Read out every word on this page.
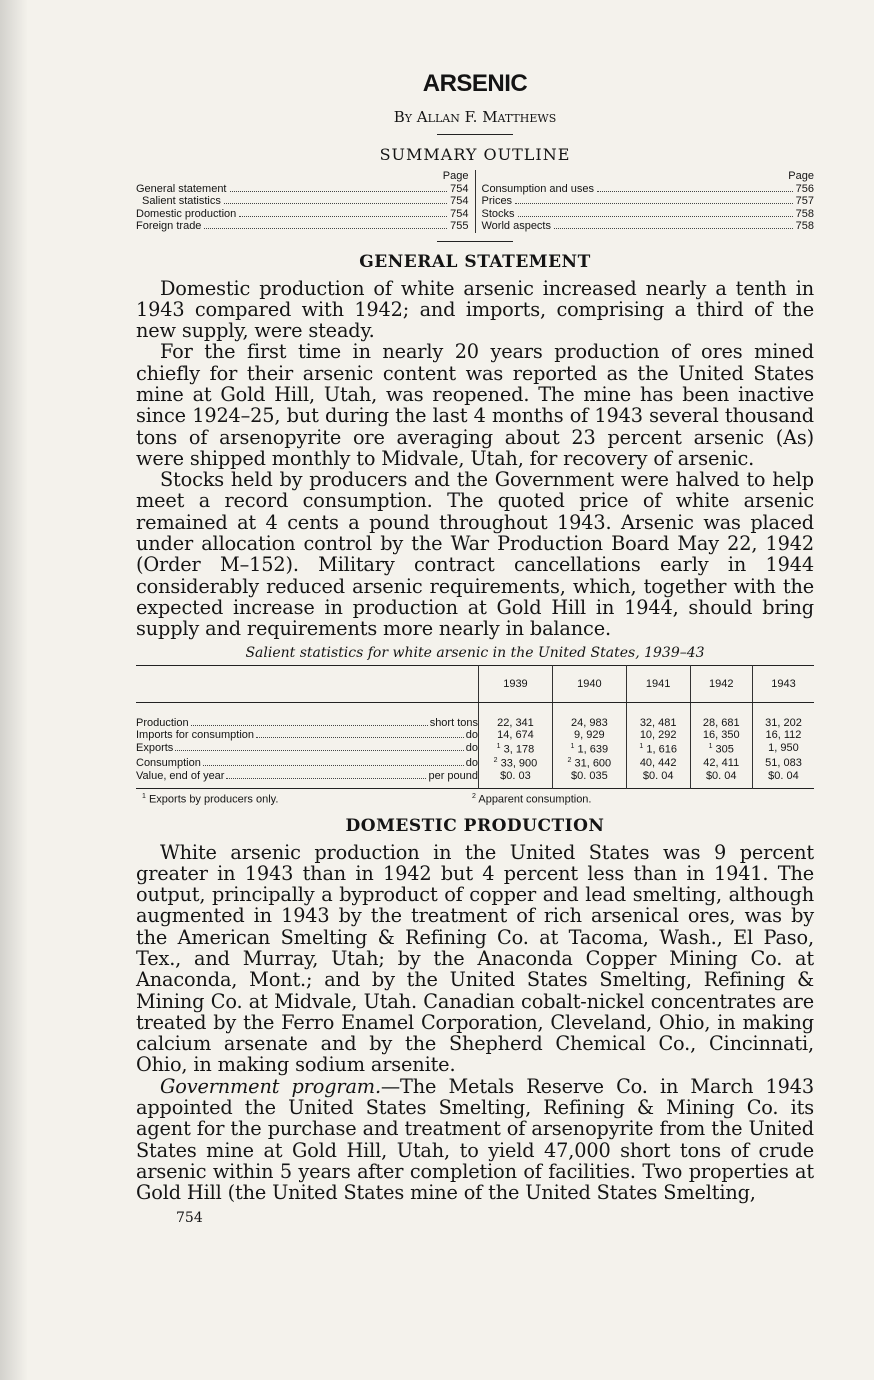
ARSENIC
By Allan F. Matthews
SUMMARY OUTLINE
Page
General statement	754
Salient statistics	754
Domestic production	754
Foreign trade	755
Page
Consumption and uses	756
Prices	757
Stocks	758
World aspects	758
GENERAL STATEMENT

Domestic production of white arsenic increased nearly a tenth in 1943 compared with 1942; and imports, comprising a third of the new supply, were steady.

For the first time in nearly 20 years production of ores mined chiefly for their arsenic content was reported as the United States mine at Gold Hill, Utah, was reopened. The mine has been inactive since 1924–25, but during the last 4 months of 1943 several thousand tons of arsenopyrite ore averaging about 23 percent arsenic (As) were shipped monthly to Midvale, Utah, for recovery of arsenic.

Stocks held by producers and the Government were halved to help meet a record consumption. The quoted price of white arsenic remained at 4 cents a pound throughout 1943. Arsenic was placed under allocation control by the War Production Board May 22, 1942 (Order M–152). Military contract cancellations early in 1944 considerably reduced arsenic requirements, which, together with the expected increase in production at Gold Hill in 1944, should bring supply and requirements more nearly in balance.

Salient statistics for white arsenic in the United States, 1939–43
	1939	1940	1941	1942	1943

Production short tons	22, 341	24, 983	32, 481	28, 681	31, 202

Imports for consumption do	14, 674	9, 929	10, 292	16, 350	16, 112

Exports do	$^1$ 3, 178	$^1$ 1, 639	$^1$ 1, 616	$^1$ 305	1, 950

Consumption do	$^2$ 33, 900	$^2$ 31, 600	40, 442	42, 411	51, 083

Value, end of year per pound	$0. 03	$0. 035	$0. 04	$0. 04	$0. 04
$^1$ Exports by producers only.	$^2$ Apparent consumption.
DOMESTIC PRODUCTION

White arsenic production in the United States was 9 percent greater in 1943 than in 1942 but 4 percent less than in 1941. The output, principally a byproduct of copper and lead smelting, although augmented in 1943 by the treatment of rich arsenical ores, was by the American Smelting & Refining Co. at Tacoma, Wash., El Paso, Tex., and Murray, Utah; by the Anaconda Copper Mining Co. at Anaconda, Mont.; and by the United States Smelting, Refining & Mining Co. at Midvale, Utah. Canadian cobalt-nickel concentrates are treated by the Ferro Enamel Corporation, Cleveland, Ohio, in making calcium arsenate and by the Shepherd Chemical Co., Cincinnati, Ohio, in making sodium arsenite.

Government program.—The Metals Reserve Co. in March 1943 appointed the United States Smelting, Refining & Mining Co. its agent for the purchase and treatment of arsenopyrite from the United States mine at Gold Hill, Utah, to yield 47,000 short tons of crude arsenic within 5 years after completion of facilities. Two properties at Gold Hill (the United States mine of the United States Smelting,

754
